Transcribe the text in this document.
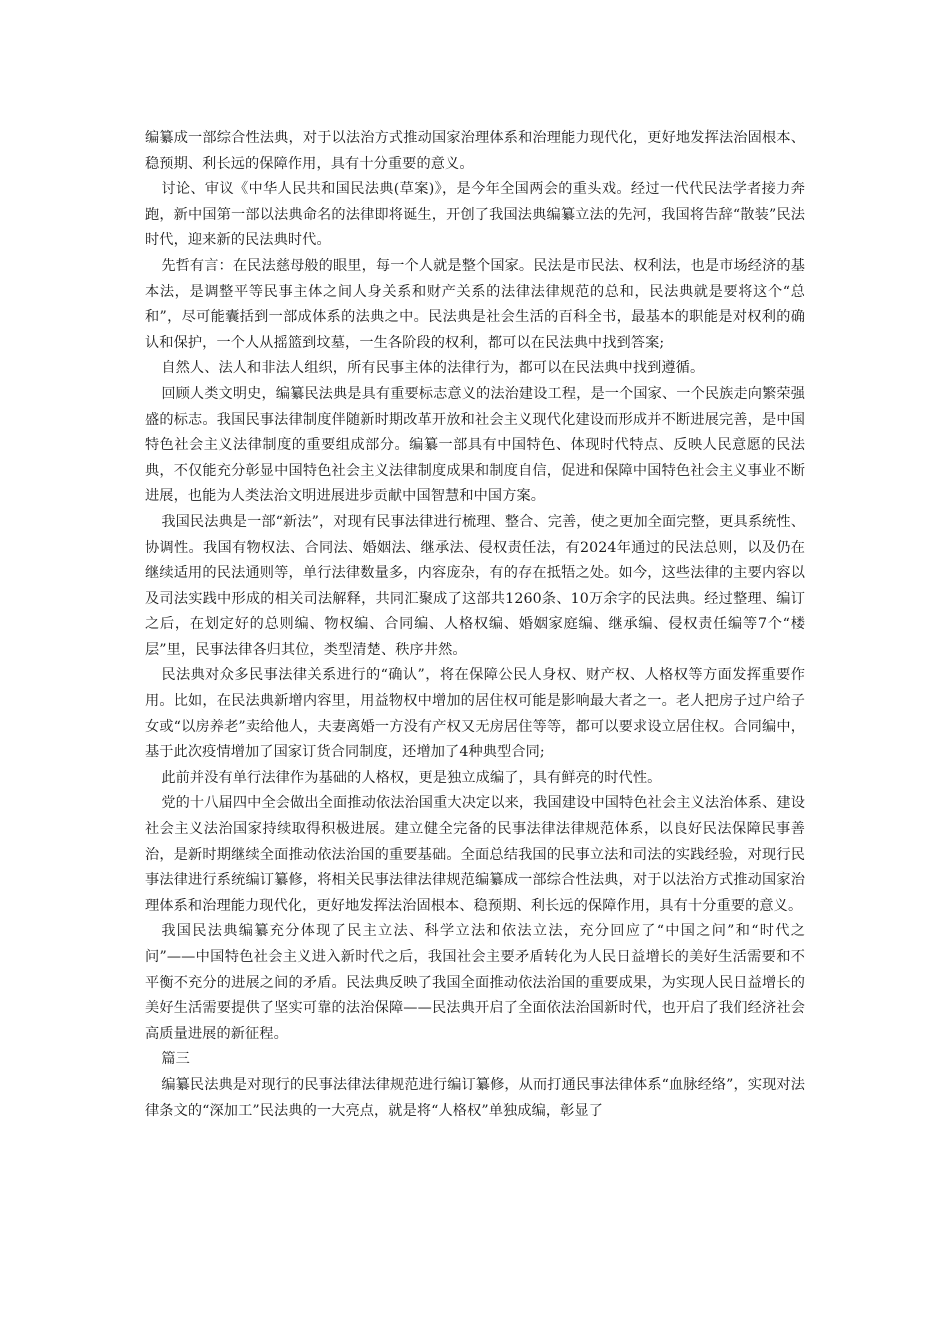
编纂成一部综合性法典，对于以法治方式推动国家治理体系和治理能力现代化，更好地发挥法治固根本、稳预期、利长远的保障作用，具有十分重要的意义。

讨论、审议《中华人民共和国民法典(草案)》，是今年全国两会的重头戏。经过一代代民法学者接力奔跑，新中国第一部以法典命名的法律即将诞生，开创了我国法典编纂立法的先河，我国将告辞“散装”民法时代，迎来新的民法典时代。

先哲有言：在民法慈母般的眼里，每一个人就是整个国家。民法是市民法、权利法，也是市场经济的基本法，是调整平等民事主体之间人身关系和财产关系的法律法律规范的总和，民法典就是要将这个“总和”，尽可能囊括到一部成体系的法典之中。民法典是社会生活的百科全书，最基本的职能是对权利的确认和保护，一个人从摇篮到坟墓，一生各阶段的权利，都可以在民法典中找到答案;

自然人、法人和非法人组织，所有民事主体的法律行为，都可以在民法典中找到遵循。

回顾人类文明史，编纂民法典是具有重要标志意义的法治建设工程，是一个国家、一个民族走向繁荣强盛的标志。我国民事法律制度伴随新时期改革开放和社会主义现代化建设而形成并不断进展完善，是中国特色社会主义法律制度的重要组成部分。编纂一部具有中国特色、体现时代特点、反映人民意愿的民法典，不仅能充分彰显中国特色社会主义法律制度成果和制度自信，促进和保障中国特色社会主义事业不断进展，也能为人类法治文明进展进步贡献中国智慧和中国方案。

我国民法典是一部“新法”，对现有民事法律进行梳理、整合、完善，使之更加全面完整，更具系统性、协调性。我国有物权法、合同法、婚姻法、继承法、侵权责任法，有2024年通过的民法总则，以及仍在继续适用的民法通则等，单行法律数量多，内容庞杂，有的存在抵牾之处。如今，这些法律的主要内容以及司法实践中形成的相关司法解释，共同汇聚成了这部共1260条、10万余字的民法典。经过整理、编订之后，在划定好的总则编、物权编、合同编、人格权编、婚姻家庭编、继承编、侵权责任编等7个“楼层”里，民事法律各归其位，类型清楚、秩序井然。

民法典对众多民事法律关系进行的“确认”，将在保障公民人身权、财产权、人格权等方面发挥重要作用。比如，在民法典新增内容里，用益物权中增加的居住权可能是影响最大者之一。老人把房子过户给子女或“以房养老”卖给他人，夫妻离婚一方没有产权又无房居住等等，都可以要求设立居住权。合同编中，基于此次疫情增加了国家订货合同制度，还增加了4种典型合同;

此前并没有单行法律作为基础的人格权，更是独立成编了，具有鲜亮的时代性。

党的十八届四中全会做出全面推动依法治国重大决定以来，我国建设中国特色社会主义法治体系、建设社会主义法治国家持续取得积极进展。建立健全完备的民事法律法律规范体系，以良好民法保障民事善治，是新时期继续全面推动依法治国的重要基础。全面总结我国的民事立法和司法的实践经验，对现行民事法律进行系统编订纂修，将相关民事法律法律规范编纂成一部综合性法典，对于以法治方式推动国家治理体系和治理能力现代化，更好地发挥法治固根本、稳预期、利长远的保障作用，具有十分重要的意义。

我国民法典编纂充分体现了民主立法、科学立法和依法立法，充分回应了“中国之问”和“时代之问”——中国特色社会主义进入新时代之后，我国社会主要矛盾转化为人民日益增长的美好生活需要和不平衡不充分的进展之间的矛盾。民法典反映了我国全面推动依法治国的重要成果，为实现人民日益增长的美好生活需要提供了坚实可靠的法治保障——民法典开启了全面依法治国新时代，也开启了我们经济社会高质量进展的新征程。

篇三

编纂民法典是对现行的民事法律法律规范进行编订纂修，从而打通民事法律体系“血脉经络”，实现对法律条文的“深加工”民法典的一大亮点，就是将“人格权”单独成编，彰显了
